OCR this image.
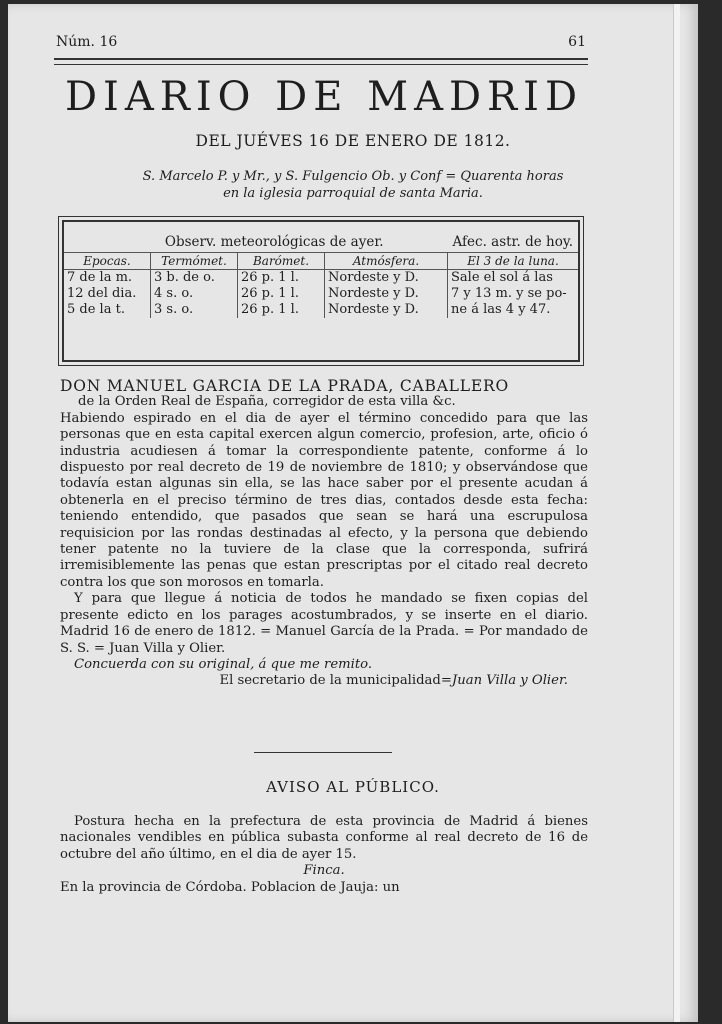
Núm. 16	61
DIARIO DE MADRID
DEL JUÉVES 16 DE ENERO DE 1812.
S. Marcelo P. y Mr., y S. Fulgencio Ob. y Conf = Quarenta horas
en la iglesia parroquial de santa Maria.
Observ. meteorológicas de ayer.				Afec. astr. de hoy.
Epocas.	Termómet.	Barómet.	Atmósfera.	El 3 de la luna.
7 de la m.	3 b. de o.	26 p. 1 l.	Nordeste y D.	Sale el sol á las
12 del dia.	4 s. o.	26 p. 1 l.	Nordeste y D.	7 y 13 m. y se po-
5 de la t.	3 s. o.	26 p. 1 l.	Nordeste y D.	ne á las 4 y 47.

DON MANUEL GARCIA DE LA PRADA, CABALLERO

de la Orden Real de España, corregidor de esta villa &c.

Habiendo espirado en el dia de ayer el término concedido para que las personas que en esta capital exercen algun comercio, profesion, arte, oficio ó industria acudiesen á tomar la correspondiente patente, conforme á lo dispuesto por real decreto de 19 de noviembre de 1810; y observándose que todavía estan algunas sin ella, se las hace saber por el presente acudan á obtenerla en el preciso término de tres dias, contados desde esta fecha: teniendo entendido, que pasados que sean se hará una escrupulosa requisicion por las rondas destinadas al efecto, y la persona que debiendo tener patente no la tuviere de la clase que la corresponda, sufrirá irremisiblemente las penas que estan prescriptas por el citado real decreto contra los que son morosos en tomarla.

Y para que llegue á noticia de todos he mandado se fixen copias del presente edicto en los parages acostumbrados, y se inserte en el diario. Madrid 16 de enero de 1812. = Manuel García de la Prada. = Por mandado de S. S. = Juan Villa y Olier.

Concuerda con su original, á que me remito.

El secretario de la municipalidad=Juan Villa y Olier.

AVISO AL PÚBLICO.

Postura hecha en la prefectura de esta provincia de Madrid á bienes nacionales vendibles en pública subasta conforme al real decreto de 16 de octubre del año último, en el dia de ayer 15.

Finca.

En la provincia de Córdoba. Poblacion de Jauja: un
